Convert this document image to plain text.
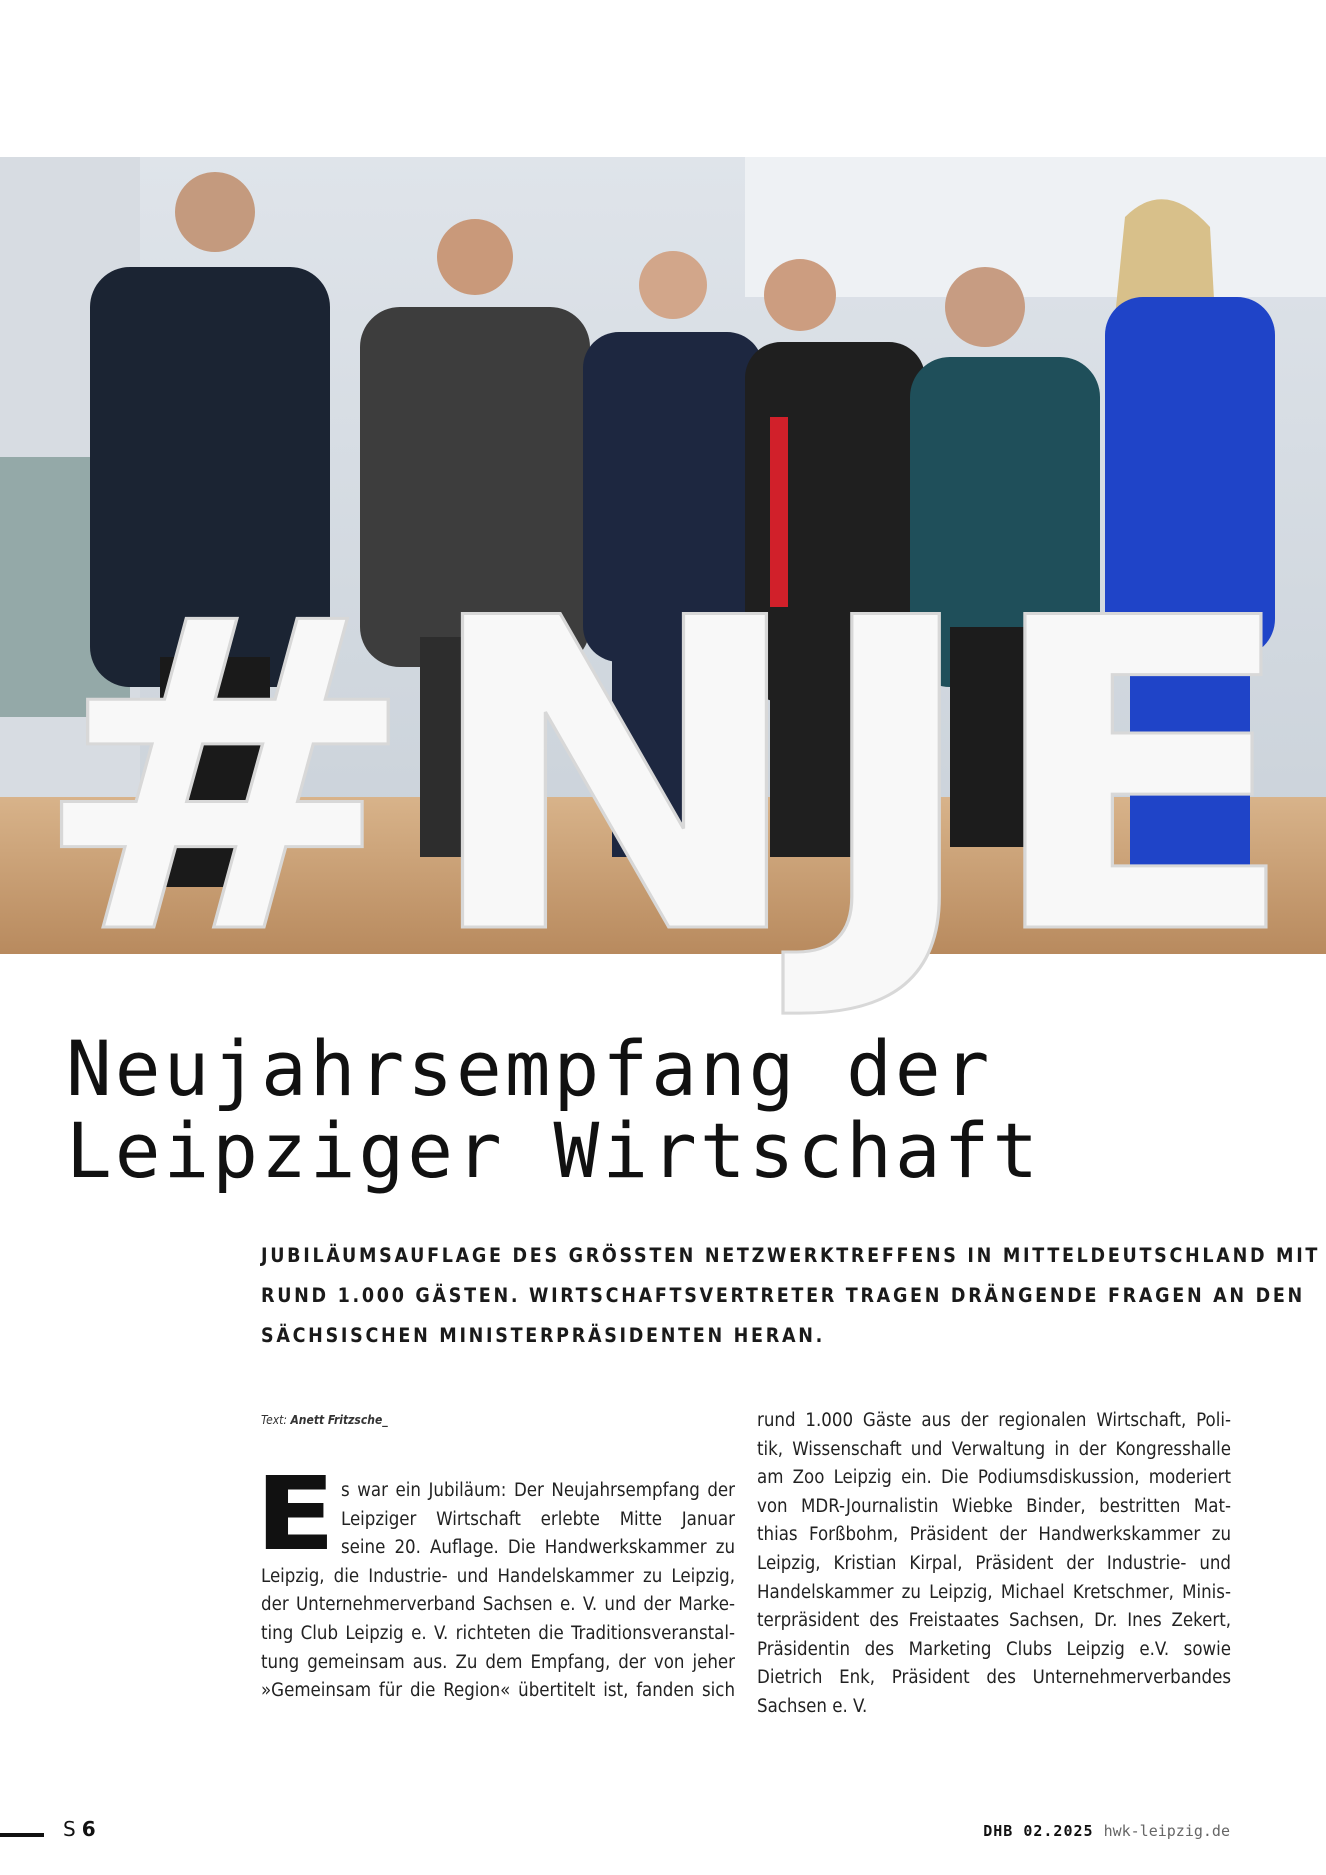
#NJE
Neujahrsempfang der
Leipziger Wirtschaft

JUBILÄUMSAUFLAGE DES GRÖSSTEN NETZWERKTREFFENS IN MITTELDEUTSCHLAND MIT
RUND 1.000 GÄSTEN. WIRTSCHAFTSVERTRETER TRAGEN DRÄNGENDE FRAGEN AN DEN
SÄCHSISCHEN MINISTERPRÄSIDENTEN HERAN.

Text: Anett Fritzsche_
E s war ein Jubiläum: Der Neujahrsempfang der
Leipziger Wirtschaft erlebte Mitte Januar
seine 20. Auflage. Die Handwerkskammer zu
Leipzig, die Industrie- und Handelskammer zu Leipzig,
der Unternehmerverband Sachsen e. V. und der Marke-
ting Club Leipzig e. V. richteten die Traditionsveranstal-
tung gemeinsam aus. Zu dem Empfang, der von jeher
»Gemeinsam für die Region« übertitelt ist, fanden sich
rund 1.000 Gäste aus der regionalen Wirtschaft, Poli-
tik, Wissenschaft und Verwaltung in der Kongresshalle
am Zoo Leipzig ein. Die Podiumsdiskussion, moderiert
von MDR-Journalistin Wiebke Binder, bestritten Mat-
thias Forßbohm, Präsident der Handwerkskammer zu
Leipzig, Kristian Kirpal, Präsident der Industrie- und
Handelskammer zu Leipzig, Michael Kretschmer, Minis-
terpräsident des Freistaates Sachsen, Dr. Ines Zekert,
Präsidentin des Marketing Clubs Leipzig e.V. sowie
Dietrich Enk, Präsident des Unternehmerverbandes
Sachsen e. V.
S 6	DHB 02.2025 hwk-leipzig.de
